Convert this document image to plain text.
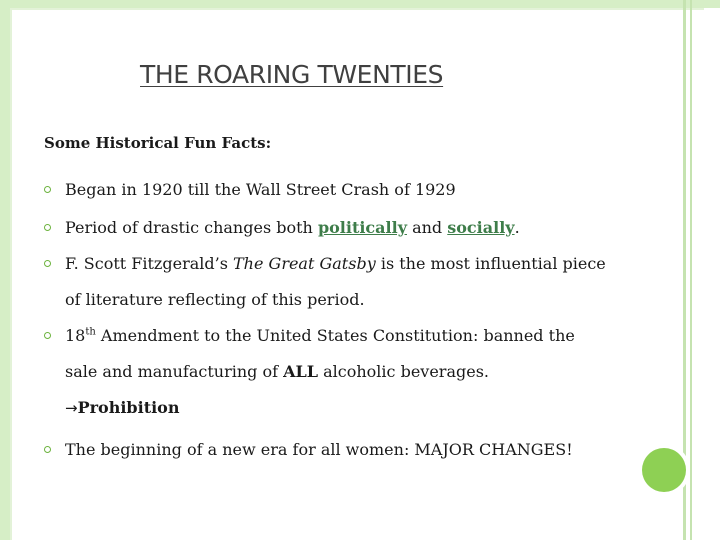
THE ROARING TWENTIES

Some Historical Fun Facts:

Began in 1920 till the Wall Street Crash of 1929
Period of drastic changes both politically and socially.
F. Scott Fitzgerald’s The Great Gatsby is the most influential piece
of literature reflecting of this period.
18th Amendment to the United States Constitution: banned the
sale and manufacturing of ALL alcoholic beverages.
→Prohibition
The beginning of a new era for all women: MAJOR CHANGES!
